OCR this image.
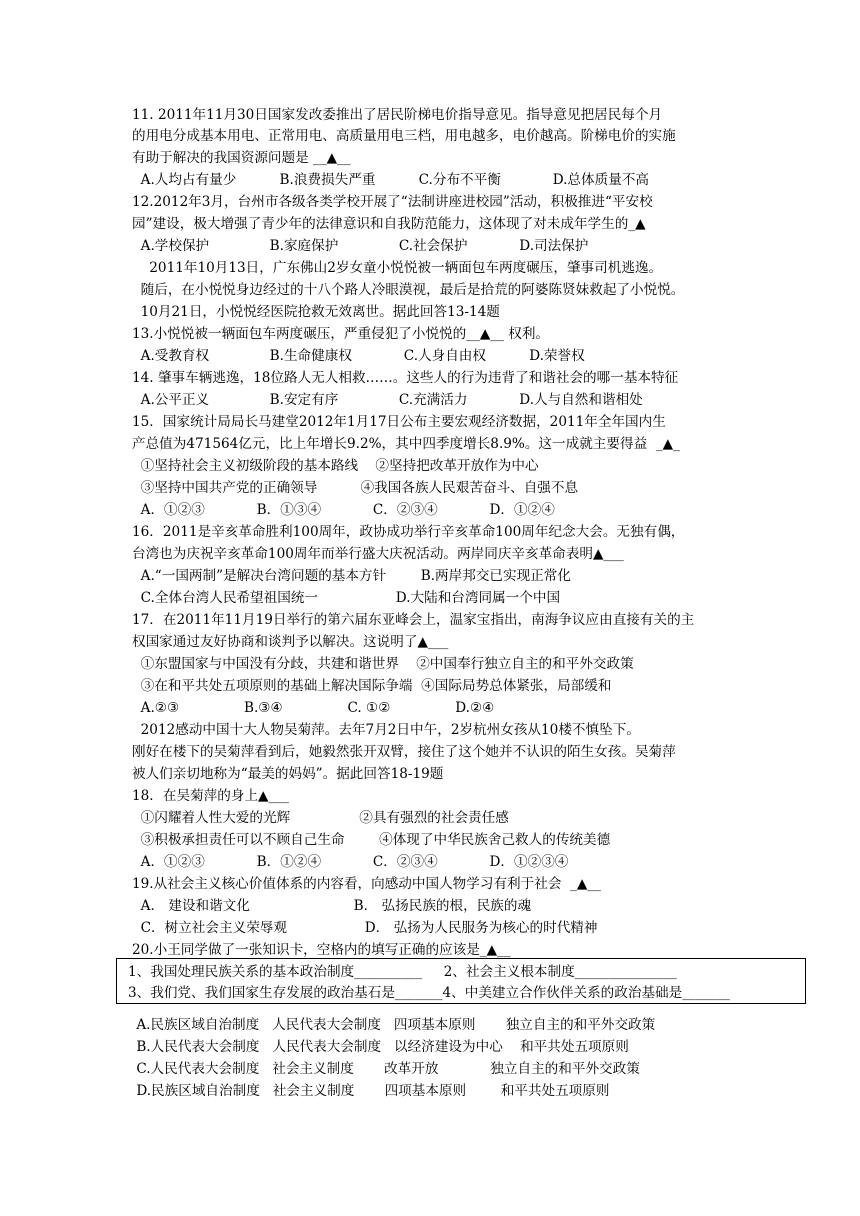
11. 2011年11月30日国家发改委推出了居民阶梯电价指导意见。指导意见把居民每个月
的用电分成基本用电、正常用电、高质量用电三档，用电越多，电价越高。阶梯电价的实施
有助于解决的我国资源问题是 __▲__
A.人均占有量少          B.浪费损失严重          C.分布不平衡            D.总体质量不高
12.2012年3月，台州市各级各类学校开展了“法制讲座进校园”活动，积极推进“平安校
园”建设，极大增强了青少年的法律意识和自我防范能力，这体现了对未成年学生的_▲
A.学校保护              B.家庭保护              C.社会保护            D.司法保护
2011年10月13日，广东佛山2岁女童小悦悦被一辆面包车两度碾压，肇事司机逃逸。
随后，在小悦悦身边经过的十八个路人冷眼漠视，最后是拾荒的阿婆陈贤妹救起了小悦悦。
10月21日，小悦悦经医院抢救无效离世。据此回答13-14题
13.小悦悦被一辆面包车两度碾压，严重侵犯了小悦悦的__▲__ 权利。
A.受教育权              B.生命健康权            C.人身自由权          D.荣誉权
14. 肇事车辆逃逸，18位路人无人相救……。这些人的行为违背了和谐社会的哪一基本特征
A.公平正义              B.安定有序              C.充满活力            D.人与自然和谐相处
15．国家统计局局长马建堂2012年1月17日公布主要宏观经济数据，2011年全年国内生
产总值为471564亿元，比上年增长9.2%，其中四季度增长8.9%。这一成就主要得益  _▲_
①坚持社会主义初级阶段的基本路线    ②坚持把改革开放作为中心
③坚持中国共产党的正确领导          ④我国各族人民艰苦奋斗、自强不息
A．①②③            B．①③④            C．②③④            D．①②④
16．2011是辛亥革命胜利100周年，政协成功举行辛亥革命100周年纪念大会。无独有偶，
台湾也为庆祝辛亥革命100周年而举行盛大庆祝活动。两岸同庆辛亥革命表明▲___
A.“一国两制”是解决台湾问题的基本方针        B.两岸邦交已实现正常化
C.全体台湾人民希望祖国统一                  D.大陆和台湾同属一个中国
17．在2011年11月19日举行的第六届东亚峰会上，温家宝指出，南海争议应由直接有关的主
权国家通过友好协商和谈判予以解决。这说明了▲___
①东盟国家与中国没有分歧，共建和谐世界    ②中国奉行独立自主的和平外交政策
③在和平共处五项原则的基础上解决国际争端  ④国际局势总体紧张，局部缓和
A.②③               B.③④               C. ①②               D.②④
2012感动中国十大人物吴菊萍。去年7月2日中午，2岁杭州女孩从10楼不慎坠下。
刚好在楼下的吴菊萍看到后，她毅然张开双臂，接住了这个她并不认识的陌生女孩。吴菊萍
被人们亲切地称为“最美的妈妈”。据此回答18-19题
18．在吴菊萍的身上▲___
①闪耀着人性大爱的光辉                ②具有强烈的社会责任感
③积极承担责任可以不顾自己生命        ④体现了中华民族舍己救人的传统美德
A．①②③            B．①②④            C．②③④            D．①②③④
19.从社会主义核心价值体系的内容看，向感动中国人物学习有利于社会  _▲__
A． 建设和谐文化                        B． 弘扬民族的根，民族的魂
C．树立社会主义荣辱观                  D． 弘扬为人民服务为核心的时代精神
20.小王同学做了一张知识卡，空格内的填写正确的应该是_▲__
1、我国处理民族关系的基本政治制度__________     2、社会主义根本制度_______________
3、我们党、我们国家生存发展的政治基石是_______4、中美建立合作伙伴关系的政治基础是_______
A.民族区域自治制度   人民代表大会制度   四项基本原则       独立自主的和平外交政策
B.人民代表大会制度   人民代表大会制度   以经济建设为中心    和平共处五项原则
C.人民代表大会制度   社会主义制度       改革开放            独立自主的和平外交政策
D.民族区域自治制度   社会主义制度       四项基本原则        和平共处五项原则
